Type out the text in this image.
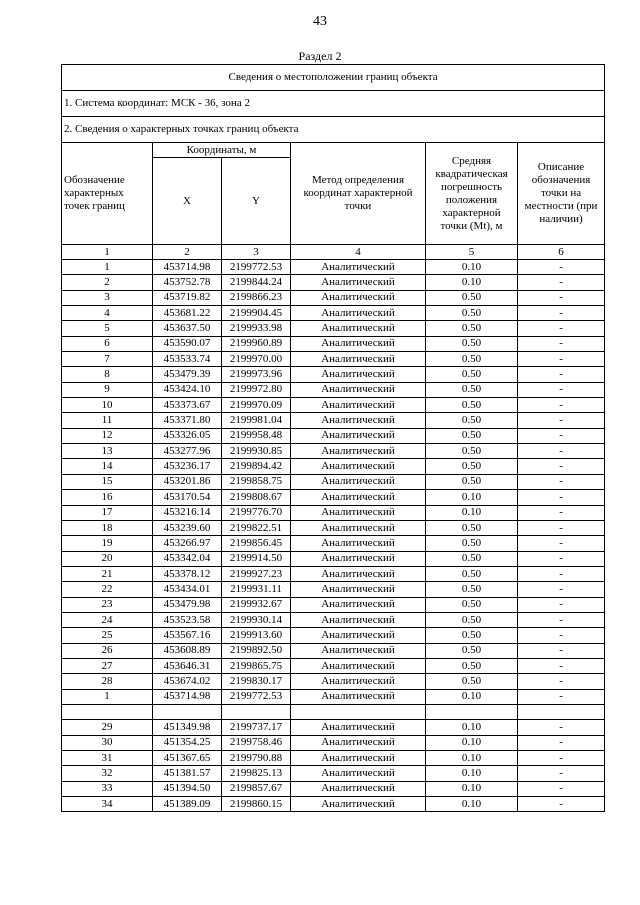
43
Раздел 2
Сведения о местоположении границ объекта					
1. Система координат: МСК - 36, зона 2					
2. Сведения о характерных точках границ объекта					
Обозначение характерных точек границ	Координаты, м		Метод определения координат характерной точки	Средняя квадратическая погрешность положения характерной точки (Mt), м	Описание обозначения точки на местности (при наличии)
	X	Y			
1	2	3	4	5	6
1	453714.98	2199772.53	Аналитический	0.10	-
2	453752.78	2199844.24	Аналитический	0.10	-
3	453719.82	2199866.23	Аналитический	0.50	-
4	453681.22	2199904.45	Аналитический	0.50	-
5	453637.50	2199933.98	Аналитический	0.50	-
6	453590.07	2199960.89	Аналитический	0.50	-
7	453533.74	2199970.00	Аналитический	0.50	-
8	453479.39	2199973.96	Аналитический	0.50	-
9	453424.10	2199972.80	Аналитический	0.50	-
10	453373.67	2199970.09	Аналитический	0.50	-
11	453371.80	2199981.04	Аналитический	0.50	-
12	453326.05	2199958.48	Аналитический	0.50	-
13	453277.96	2199930.85	Аналитический	0.50	-
14	453236.17	2199894.42	Аналитический	0.50	-
15	453201.86	2199858.75	Аналитический	0.50	-
16	453170.54	2199808.67	Аналитический	0.10	-
17	453216.14	2199776.70	Аналитический	0.10	-
18	453239.60	2199822.51	Аналитический	0.50	-
19	453266.97	2199856.45	Аналитический	0.50	-
20	453342.04	2199914.50	Аналитический	0.50	-
21	453378.12	2199927.23	Аналитический	0.50	-
22	453434.01	2199931.11	Аналитический	0.50	-
23	453479.98	2199932.67	Аналитический	0.50	-
24	453523.58	2199930.14	Аналитический	0.50	-
25	453567.16	2199913.60	Аналитический	0.50	-
26	453608.89	2199892.50	Аналитический	0.50	-
27	453646.31	2199865.75	Аналитический	0.50	-
28	453674.02	2199830.17	Аналитический	0.50	-
1	453714.98	2199772.53	Аналитический	0.10	-

29	451349.98	2199737.17	Аналитический	0.10	-
30	451354.25	2199758.46	Аналитический	0.10	-
31	451367.65	2199790.88	Аналитический	0.10	-
32	451381.57	2199825.13	Аналитический	0.10	-
33	451394.50	2199857.67	Аналитический	0.10	-
34	451389.09	2199860.15	Аналитический	0.10	-
